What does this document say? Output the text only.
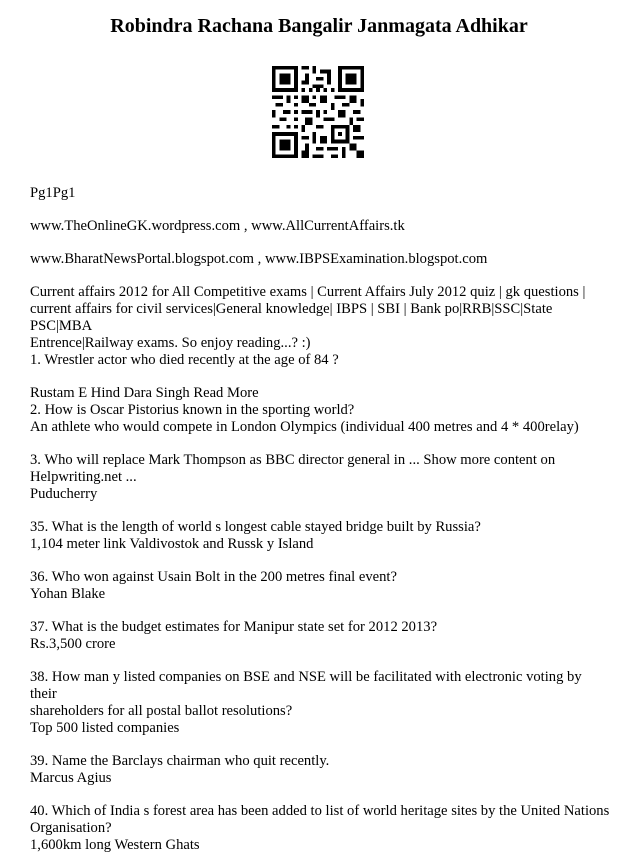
Robindra Rachana Bangalir Janmagata Adhikar

Pg1Pg1

www.TheOnlineGK.wordpress.com , www.AllCurrentAffairs.tk

www.BharatNewsPortal.blogspot.com , www.IBPSExamination.blogspot.com

Current affairs 2012 for All Competitive exams | Current Affairs July 2012 quiz | gk questions |

current affairs for civil services|General knowledge| IBPS | SBI | Bank po|RRB|SSC|State PSC|MBA

Entrence|Railway exams. So enjoy reading...? :)

1. Wrestler actor who died recently at the age of 84 ?

Rustam E Hind Dara Singh Read More

2. How is Oscar Pistorius known in the sporting world?

An athlete who would compete in London Olympics (individual 400 metres and 4 * 400relay)

3. Who will replace Mark Thompson as BBC director general in ... Show more content on

Helpwriting.net ...

Puducherry

35. What is the length of world s longest cable stayed bridge built by Russia?

1,104 meter link Valdivostok and Russk y Island

36. Who won against Usain Bolt in the 200 metres final event?

Yohan Blake

37. What is the budget estimates for Manipur state set for 2012 2013?

Rs.3,500 crore

38. How man y listed companies on BSE and NSE will be facilitated with electronic voting by their

shareholders for all postal ballot resolutions?

Top 500 listed companies

39. Name the Barclays chairman who quit recently.

Marcus Agius

40. Which of India s forest area has been added to list of world heritage sites by the United Nations

Organisation?

1,600km long Western Ghats
